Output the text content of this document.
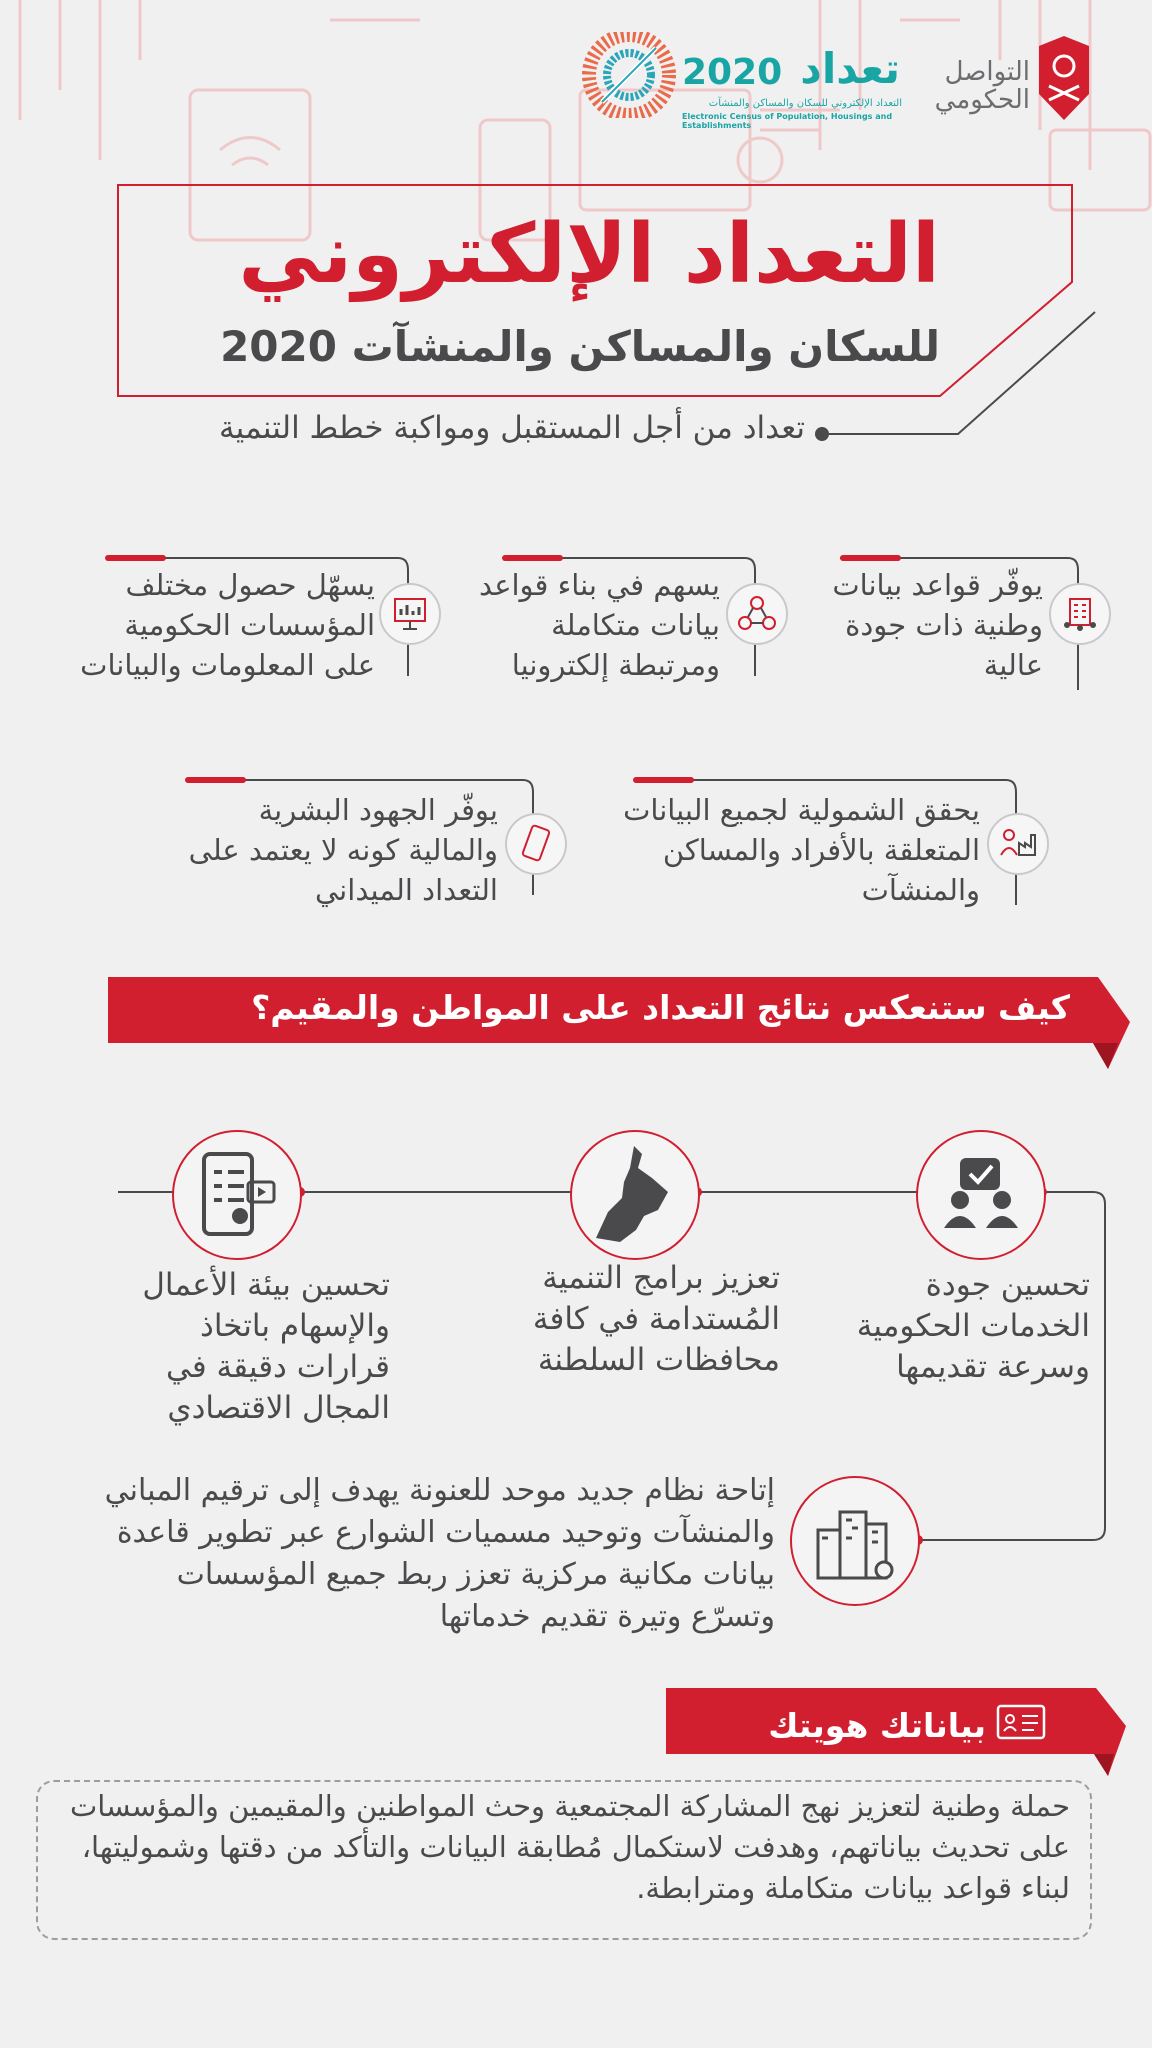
التواصل الحكومي
2020 تعداد
التعداد الإلكتروني للسكان والمساكن والمنشآت
Electronic Census of Population, Housings and Establishments
التعداد الإلكتروني
للسكان والمساكن والمنشآت 2020
تعداد من أجل المستقبل ومواكبة خطط التنمية
يوفّر قواعد بيانات وطنية ذات جودة عالية
يسهم في بناء قواعد بيانات متكاملة ومرتبطة إلكترونيا
يسهّل حصول مختلف المؤسسات الحكومية على المعلومات والبيانات
يحقق الشمولية لجميع البيانات المتعلقة بالأفراد والمساكن والمنشآت
يوفّر الجهود البشرية والمالية كونه لا يعتمد على التعداد الميداني
كيف ستنعكس نتائج التعداد على المواطن والمقيم؟
تحسين جودة الخدمات الحكومية وسرعة تقديمها
تعزيز برامج التنمية المُستدامة في كافة محافظات السلطنة
تحسين بيئة الأعمال والإسهام باتخاذ قرارات دقيقة في المجال الاقتصادي
إتاحة نظام جديد موحد للعنونة يهدف إلى ترقيم المباني والمنشآت وتوحيد مسميات الشوارع عبر تطوير قاعدة بيانات مكانية مركزية تعزز ربط جميع المؤسسات وتسرّع وتيرة تقديم خدماتها
بياناتك هويتك
حملة وطنية لتعزيز نهج المشاركة المجتمعية وحث المواطنين والمقيمين والمؤسسات على تحديث بياناتهم، وهدفت لاستكمال مُطابقة البيانات والتأكد من دقتها وشموليتها، لبناء قواعد بيانات متكاملة ومترابطة.
